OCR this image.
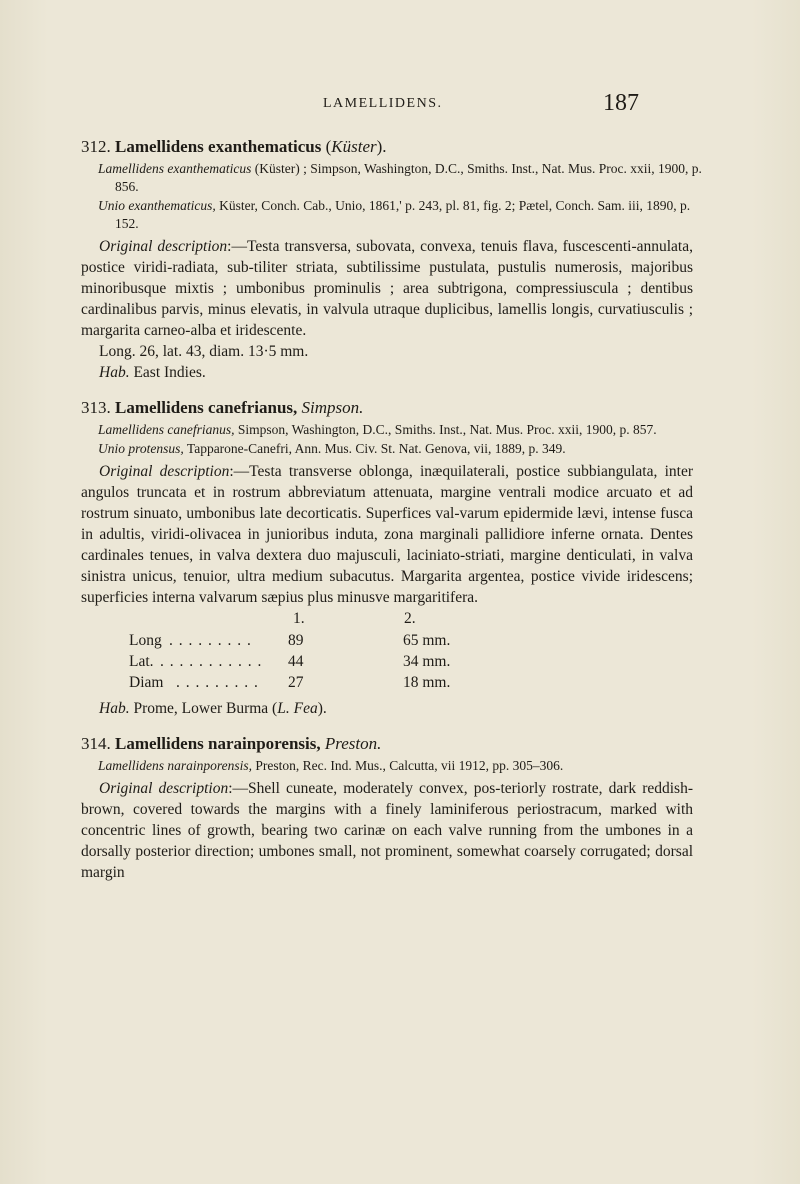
LAMELLIDENS.	187

312. Lamellidens exanthematicus (Küster).

Lamellidens exanthematicus (Küster) ; Simpson, Washington, D.C., Smiths. Inst., Nat. Mus. Proc. xxii, 1900, p. 856.

Unio exanthematicus, Küster, Conch. Cab., Unio, 1861,' p. 243, pl. 81, fig. 2; Pætel, Conch. Sam. iii, 1890, p. 152.

Original description:—Testa transversa, subovata, convexa, tenuis flava, fuscescenti-annulata, postice viridi-radiata, sub-tiliter striata, subtilissime pustulata, pustulis numerosis, majoribus minoribusque mixtis ; umbonibus prominulis ; area subtrigona, compressiuscula ; dentibus cardinalibus parvis, minus elevatis, in valvula utraque duplicibus, lamellis longis, curvatiusculis ; margarita carneo-alba et iridescente.

Long. 26, lat. 43, diam. 13·5 mm.

Hab. East Indies.

313. Lamellidens canefrianus, Simpson.

Lamellidens canefrianus, Simpson, Washington, D.C., Smiths. Inst., Nat. Mus. Proc. xxii, 1900, p. 857.

Unio protensus, Tapparone-Canefri, Ann. Mus. Civ. St. Nat. Genova, vii, 1889, p. 349.

Original description:—Testa transverse oblonga, inæquilaterali, postice subbiangulata, inter angulos truncata et in rostrum abbreviatum attenuata, margine ventrali modice arcuato et ad rostrum sinuato, umbonibus late decorticatis. Superfices val-varum epidermide lævi, intense fusca in adultis, viridi-olivacea in junioribus induta, zona marginali pallidiore inferne ornata. Dentes cardinales tenues, in valva dextera duo majusculi, laciniato-striati, margine denticulati, in valva sinistra unicus, tenuior, ultra medium subacutus. Margarita argentea, postice vivide iridescens; superficies interna valvarum sæpius plus minusve margaritifera.

1.	2.
Long . . . . . . . . . 89	65 mm.
Lat. . . . . . . . . . . . 44	34 mm.
Diam . . . . . . . . . 27	18 mm.

Hab. Prome, Lower Burma (L. Fea).

314. Lamellidens narainporensis, Preston.

Lamellidens narainporensis, Preston, Rec. Ind. Mus., Calcutta, vii 1912, pp. 305–306.

Original description:—Shell cuneate, moderately convex, pos-teriorly rostrate, dark reddish-brown, covered towards the margins with a finely laminiferous periostracum, marked with concentric lines of growth, bearing two carinæ on each valve running from the umbones in a dorsally posterior direction; umbones small, not prominent, somewhat coarsely corrugated; dorsal margin
